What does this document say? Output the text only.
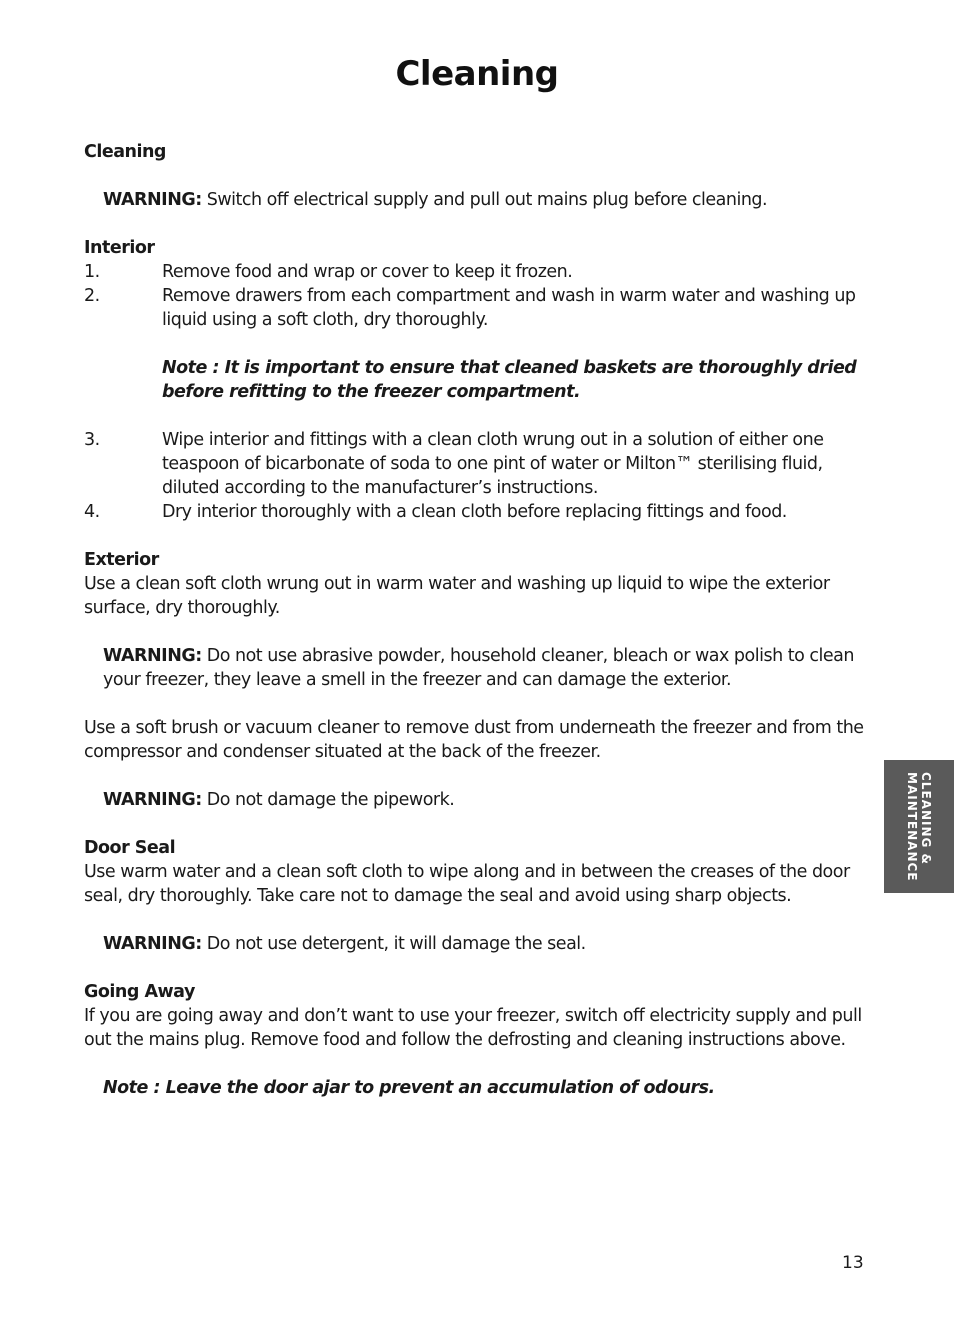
Cleaning

Cleaning

WARNING: Switch off electrical supply and pull out mains plug before cleaning.

Interior

1.	Remove food and wrap or cover to keep it frozen.
2.	Remove drawers from each compartment and wash in warm water and washing up liquid using a soft cloth, dry thoroughly.

Note : It is important to ensure that cleaned baskets are thoroughly dried before refitting to the freezer compartment.

3.	Wipe interior and fittings with a clean cloth wrung out in a solution of either one teaspoon of bicarbonate of soda to one pint of water or Milton™ sterilising fluid, diluted according to the manufacturer’s instructions.
4.	Dry interior thoroughly with a clean cloth before replacing fittings and food.

Exterior

Use a clean soft cloth wrung out in warm water and washing up liquid to wipe the exterior surface, dry thoroughly.

WARNING: Do not use abrasive powder, household cleaner, bleach or wax polish to clean your freezer, they leave a smell in the freezer and can damage the exterior.

Use a soft brush or vacuum cleaner to remove dust from underneath the freezer and from the compressor and condenser situated at the back of the freezer.

WARNING: Do not damage the pipework.

Door Seal

Use warm water and a clean soft cloth to wipe along and in between the creases of the door seal, dry thoroughly. Take care not to damage the seal and avoid using sharp objects.

WARNING: Do not use detergent, it will damage the seal.

Going Away

If you are going away and don’t want to use your freezer, switch off electricity supply and pull out the mains plug. Remove food and follow the defrosting and cleaning instructions above.

Note : Leave the door ajar to prevent an accumulation of odours.

CLEANING &
MAINTENANCE
13
